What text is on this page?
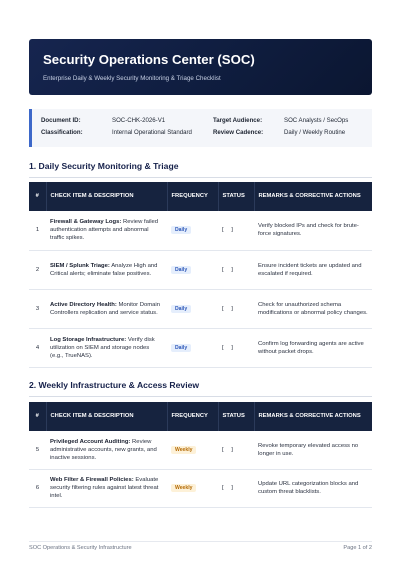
Security Operations Center (SOC)
Enterprise Daily & Weekly Security Monitoring & Triage Checklist
Document ID:	SOC-CHK-2026-V1	Target Audience:	SOC Analysts / SecOps
Classification:	Internal Operational Standard	Review Cadence:	Daily / Weekly Routine
1. Daily Security Monitoring & Triage
#	CHECK ITEM & DESCRIPTION	FREQUENCY	STATUS	REMARKS & CORRECTIVE ACTIONS
1	Firewall & Gateway Logs: Review failed authentication attempts and abnormal traffic spikes.	Daily	[ ]	Verify blocked IPs and check for brute-force signatures.
2	SIEM / Splunk Triage: Analyze High and Critical alerts; eliminate false positives.	Daily	[ ]	Ensure incident tickets are updated and escalated if required.
3	Active Directory Health: Monitor Domain Controllers replication and service status.	Daily	[ ]	Check for unauthorized schema modifications or abnormal policy changes.
4	Log Storage Infrastructure: Verify disk utilization on SIEM and storage nodes (e.g., TrueNAS).	Daily	[ ]	Confirm log forwarding agents are active without packet drops.
2. Weekly Infrastructure & Access Review
#	CHECK ITEM & DESCRIPTION	FREQUENCY	STATUS	REMARKS & CORRECTIVE ACTIONS
5	Privileged Account Auditing: Review administrative accounts, new grants, and inactive sessions.	Weekly	[ ]	Revoke temporary elevated access no longer in use.
6	Web Filter & Firewall Policies: Evaluate security filtering rules against latest threat intel.	Weekly	[ ]	Update URL categorization blocks and custom threat blacklists.
SOC Operations & Security Infrastructure	Page 1 of 2
